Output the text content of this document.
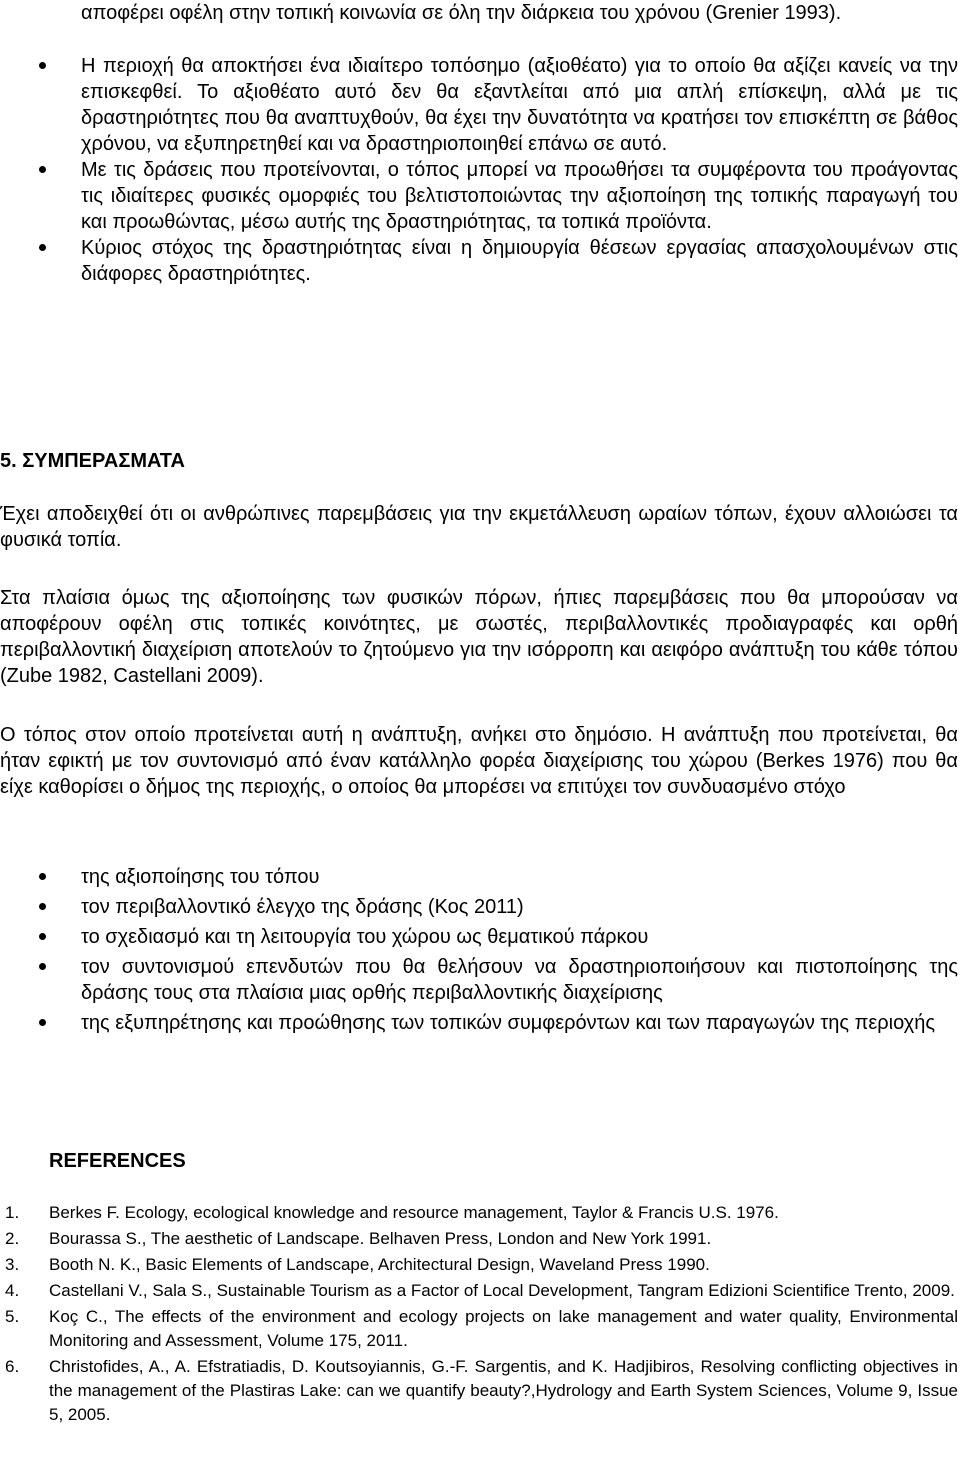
αποφέρει οφέλη στην τοπική κοινωνία σε όλη την διάρκεια του χρόνου (Grenier 1993).

Η περιοχή θα αποκτήσει ένα ιδιαίτερο τοπόσημο (αξιοθέατο) για το οποίο θα αξίζει κανείς να την επισκεφθεί. Το αξιοθέατο αυτό δεν θα εξαντλείται από μια απλή επίσκεψη, αλλά με τις δραστηριότητες που θα αναπτυχθούν, θα έχει την δυνατότητα να κρατήσει τον επισκέπτη σε βάθος χρόνου, να εξυπηρετηθεί και να δραστηριοποιηθεί επάνω σε αυτό.
Με τις δράσεις που προτείνονται, ο τόπος μπορεί να προωθήσει τα συμφέροντα του προάγοντας τις ιδιαίτερες φυσικές ομορφιές του βελτιστοποιώντας την αξιοποίηση της τοπικής παραγωγή του και προωθώντας, μέσω αυτής της δραστηριότητας, τα τοπικά προϊόντα.
Κύριος στόχος της δραστηριότητας είναι η δημιουργία θέσεων εργασίας απασχολουμένων στις διάφορες δραστηριότητες.
5. ΣΥΜΠΕΡΑΣΜΑΤΑ

Έχει αποδειχθεί ότι οι ανθρώπινες παρεμβάσεις για την εκμετάλλευση ωραίων τόπων, έχουν αλλοιώσει τα φυσικά τοπία.

Στα πλαίσια όμως της αξιοποίησης των φυσικών πόρων, ήπιες παρεμβάσεις που θα μπορούσαν να αποφέρουν οφέλη στις τοπικές κοινότητες, με σωστές, περιβαλλοντικές προδιαγραφές και ορθή περιβαλλοντική διαχείριση αποτελούν το ζητούμενο για την ισόρροπη και αειφόρο ανάπτυξη του κάθε τόπου (Zube 1982, Castellani 2009).

Ο τόπος στον οποίο προτείνεται αυτή η ανάπτυξη, ανήκει στο δημόσιο. Η ανάπτυξη που προτείνεται, θα ήταν εφικτή με τον συντονισμό από έναν κατάλληλο φορέα διαχείρισης του χώρου (Berkes 1976) που θα είχε καθορίσει ο δήμος της περιοχής, ο οποίος θα μπορέσει να επιτύχει τον συνδυασμένο στόχο

της αξιοποίησης του τόπου
τον περιβαλλοντικό έλεγχο της δράσης (Κος 2011)
το σχεδιασμό και τη λειτουργία του χώρου ως θεματικού πάρκου
τον συντονισμού επενδυτών που θα θελήσουν να δραστηριοποιήσουν και πιστοποίησης της δράσης τους στα πλαίσια μιας ορθής περιβαλλοντικής διαχείρισης
της εξυπηρέτησης και προώθησης των τοπικών συμφερόντων και των παραγωγών της περιοχής
REFERENCES
1. Berkes F. Ecology, ecological knowledge and resource management, Taylor & Francis U.S. 1976.
2. Bourassa S., The aesthetic of Landscape. Belhaven Press, London and New York 1991.
3. Booth N. K., Basic Elements of Landscape, Architectural Design, Waveland Press 1990.
4. Castellani V., Sala S., Sustainable Tourism as a Factor of Local Development, Tangram Edizioni Scientifice Trento, 2009.
5. Koç C., The effects of the environment and ecology projects on lake management and water quality, Environmental Monitoring and Assessment, Volume 175, 2011.
6. Christofides, A., A. Efstratiadis, D. Koutsoyiannis, G.-F. Sargentis, and K. Hadjibiros, Resolving conflicting objectives in the management of the Plastiras Lake: can we quantify beauty?,Hydrology and Earth System Sciences, Volume 9, Issue 5, 2005.
